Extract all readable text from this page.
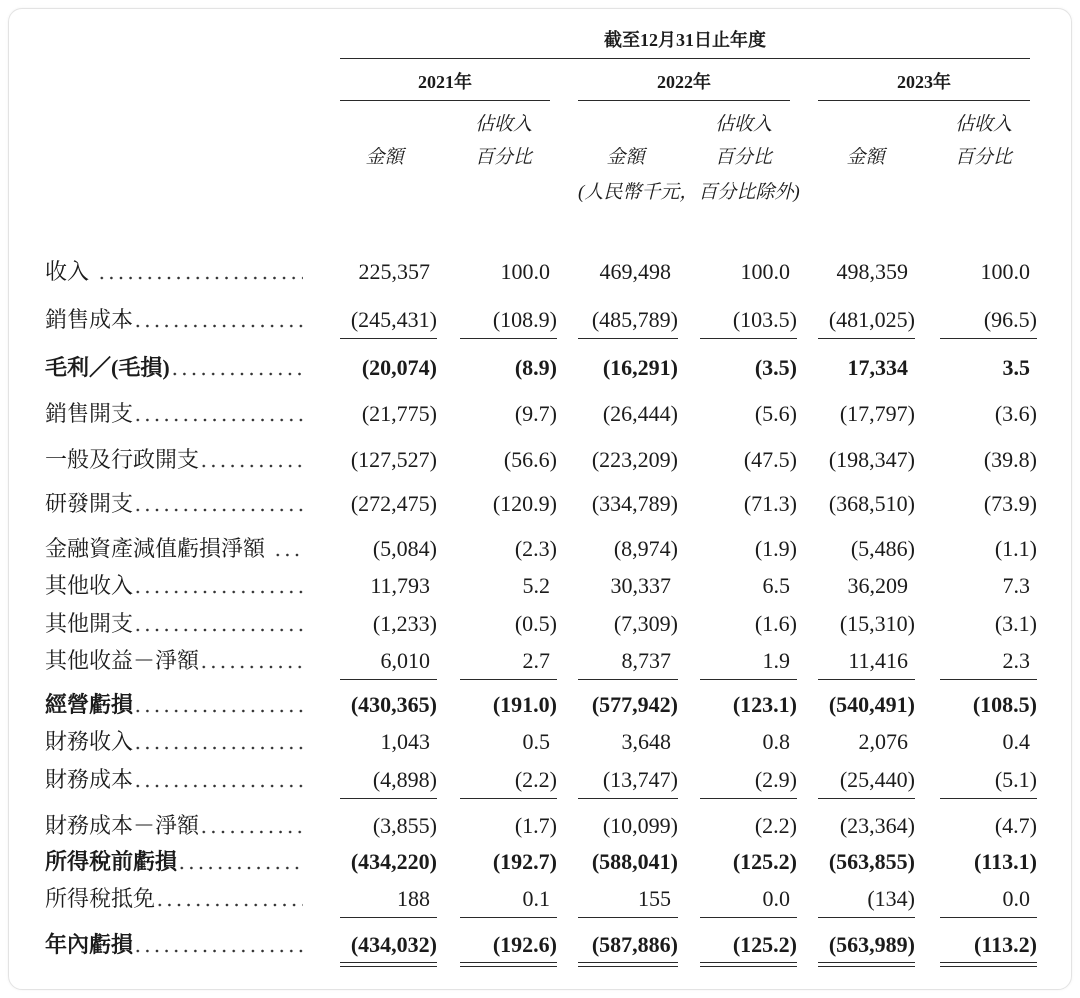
截至12月31日止年度
2021年	2022年	2023年
佔收入	佔收入	佔收入
金額	百分比	金額	百分比	金額	百分比
(人民幣千元，百分比除外)
收入	225,357	100.0	469,498	100.0	498,359	100.0
銷售成本	(245,431)	(108.9)	(485,789)	(103.5)	(481,025)	(96.5)
毛利／(毛損)	(20,074)	(8.9)	(16,291)	(3.5)	17,334	3.5
銷售開支	(21,775)	(9.7)	(26,444)	(5.6)	(17,797)	(3.6)
一般及行政開支	(127,527)	(56.6)	(223,209)	(47.5)	(198,347)	(39.8)
研發開支	(272,475)	(120.9)	(334,789)	(71.3)	(368,510)	(73.9)
金融資產減值虧損淨額	(5,084)	(2.3)	(8,974)	(1.9)	(5,486)	(1.1)
其他收入	11,793	5.2	30,337	6.5	36,209	7.3
其他開支	(1,233)	(0.5)	(7,309)	(1.6)	(15,310)	(3.1)
其他收益－淨額	6,010	2.7	8,737	1.9	11,416	2.3
經營虧損	(430,365)	(191.0)	(577,942)	(123.1)	(540,491)	(108.5)
財務收入	1,043	0.5	3,648	0.8	2,076	0.4
財務成本	(4,898)	(2.2)	(13,747)	(2.9)	(25,440)	(5.1)
財務成本－淨額	(3,855)	(1.7)	(10,099)	(2.2)	(23,364)	(4.7)
所得稅前虧損	(434,220)	(192.7)	(588,041)	(125.2)	(563,855)	(113.1)
所得稅抵免	188	0.1	155	0.0	(134)	0.0
年內虧損	(434,032)	(192.6)	(587,886)	(125.2)	(563,989)	(113.2)
